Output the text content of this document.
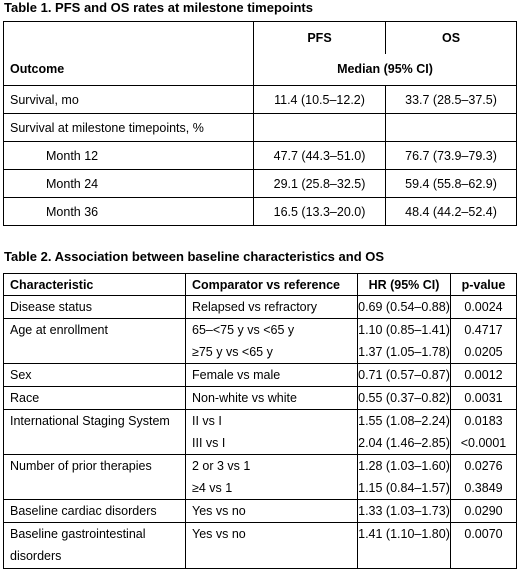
Table 1. PFS and OS rates at milestone timepoints
	PFS	OS
Outcome	Median (95% CI)	
Survival, mo	11.4 (10.5–12.2)	33.7 (28.5–37.5)
Survival at milestone timepoints, %		
Month 12	47.7 (44.3–51.0)	76.7 (73.9–79.3)
Month 24	29.1 (25.8–32.5)	59.4 (55.8–62.9)
Month 36	16.5 (13.3–20.0)	48.4 (44.2–52.4)
Table 2. Association between baseline characteristics and OS
Characteristic	Comparator vs reference	HR (95% CI)	p-value
Disease status	Relapsed vs refractory	0.69 (0.54–0.88)	0.0024
Age at enrollment	65–<75 y vs <65 y	1.10 (0.85–1.41)	0.4717
	≥75 y vs <65 y	1.37 (1.05–1.78)	0.0205
Sex	Female vs male	0.71 (0.57–0.87)	0.0012
Race	Non-white vs white	0.55 (0.37–0.82)	0.0031
International Staging System	II vs I	1.55 (1.08–2.24)	0.0183
	III vs I	2.04 (1.46–2.85)	<0.0001
Number of prior therapies	2 or 3 vs 1	1.28 (1.03–1.60)	0.0276
	≥4 vs 1	1.15 (0.84–1.57)	0.3849
Baseline cardiac disorders	Yes vs no	1.33 (1.03–1.73)	0.0290
Baseline gastrointestinal
disorders	Yes vs no	1.41 (1.10–1.80)	0.0070
